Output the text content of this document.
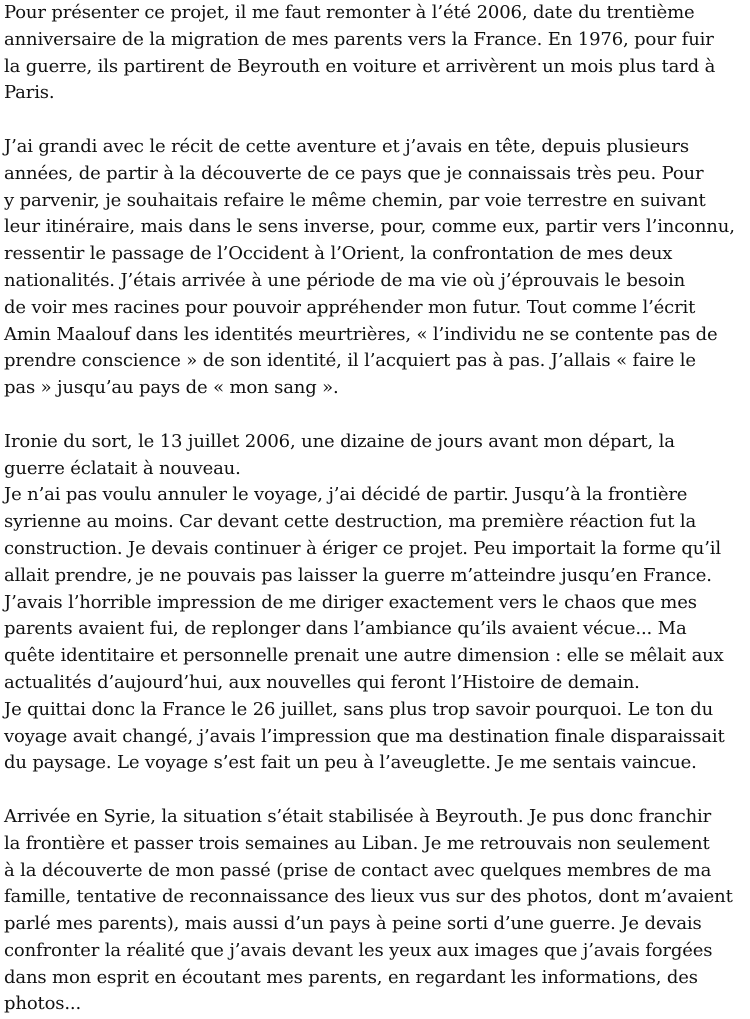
Pour présenter ce projet, il me faut remonter à l’été 2006, date du trentième
anniversaire de la migration de mes parents vers la France. En 1976, pour fuir
la guerre, ils partirent de Beyrouth en voiture et arrivèrent un mois plus tard à
Paris.

J’ai grandi avec le récit de cette aventure et j’avais en tête, depuis plusieurs
années, de partir à la découverte de ce pays que je connaissais très peu. Pour
y parvenir, je souhaitais refaire le même chemin, par voie terrestre en suivant
leur itinéraire, mais dans le sens inverse, pour, comme eux, partir vers l’inconnu,
ressentir le passage de l’Occident à l’Orient, la confrontation de mes deux
nationalités. J’étais arrivée à une période de ma vie où j’éprouvais le besoin
de voir mes racines pour pouvoir appréhender mon futur. Tout comme l’écrit
Amin Maalouf dans les identités meurtrières, « l’individu ne se contente pas de
prendre conscience » de son identité, il l’acquiert pas à pas. J’allais « faire le
pas » jusqu’au pays de « mon sang ».

Ironie du sort, le 13 juillet 2006, une dizaine de jours avant mon départ, la
guerre éclatait à nouveau.
Je n’ai pas voulu annuler le voyage, j’ai décidé de partir. Jusqu’à la frontière
syrienne au moins. Car devant cette destruction, ma première réaction fut la
construction. Je devais continuer à ériger ce projet. Peu importait la forme qu’il
allait prendre, je ne pouvais pas laisser la guerre m’atteindre jusqu’en France.
J’avais l’horrible impression de me diriger exactement vers le chaos que mes
parents avaient fui, de replonger dans l’ambiance qu’ils avaient vécue... Ma
quête identitaire et personnelle prenait une autre dimension : elle se mêlait aux
actualités d’aujourd’hui, aux nouvelles qui feront l’Histoire de demain.
Je quittai donc la France le 26 juillet, sans plus trop savoir pourquoi. Le ton du
voyage avait changé, j’avais l’impression que ma destination finale disparaissait
du paysage. Le voyage s’est fait un peu à l’aveuglette. Je me sentais vaincue.

Arrivée en Syrie, la situation s’était stabilisée à Beyrouth. Je pus donc franchir
la frontière et passer trois semaines au Liban. Je me retrouvais non seulement
à la découverte de mon passé (prise de contact avec quelques membres de ma
famille, tentative de reconnaissance des lieux vus sur des photos, dont m’avaient
parlé mes parents), mais aussi d’un pays à peine sorti d’une guerre. Je devais
confronter la réalité que j’avais devant les yeux aux images que j’avais forgées
dans mon esprit en écoutant mes parents, en regardant les informations, des
photos...
